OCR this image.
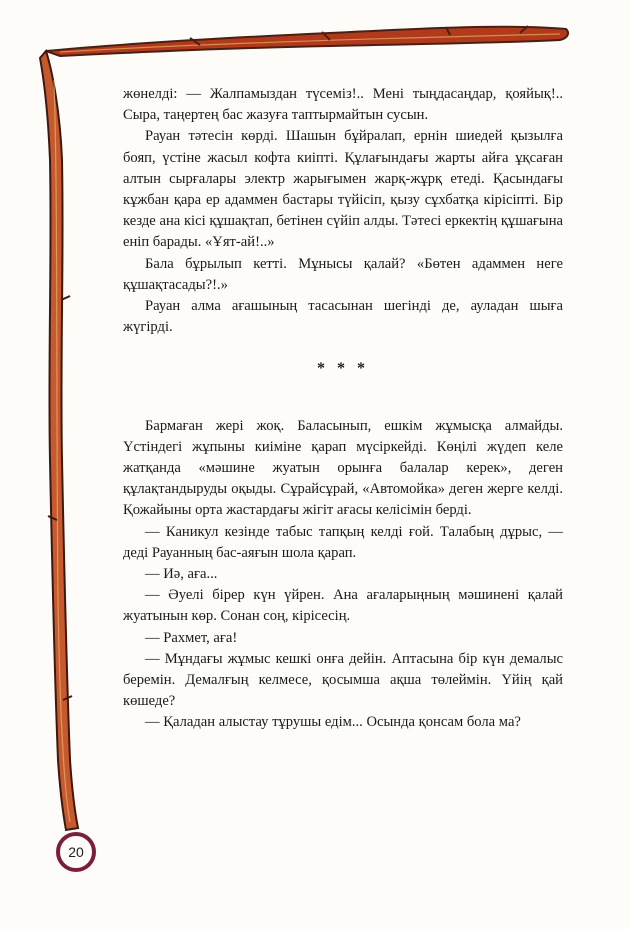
жөнелді: — Жалпамыздан түсеміз!.. Мені тыңдасаңдар, қояйық!.. Сыра, таңертең бас жазуға таптырмайтын сусын.

Рауан тәтесін көрді. Шашын бұйралап, ернін шиедей қызылға бояп, үстіне жасыл кофта киіпті. Құлағындағы жарты айға ұқсаған алтын сырғалары электр жарығымен жарқ-жұрқ етеді. Қасындағы кұжбан қара ер адаммен бастары түйісіп, қызу сұхбатқа кірісіпті. Бір кезде ана кісі құшақтап, бетінен сүйіп алды. Тәтесі еркектің құшағына еніп барады. «Ұят-ай!..»

Бала бұрылып кетті. Мұнысы қалай? «Бөтен адаммен неге құшақтасады?!.»

Рауан алма ағашының тасасынан шегінді де, ауладан шыға жүгірді.

* * *

Бармаған жері жоқ. Баласынып, ешкім жұмысқа алмайды. Үстіндегі жұпыны киіміне қарап мүсіркейді. Көңілі жүдеп келе жатқанда «мәшине жуатын орынға балалар керек», деген құлақтандыруды оқыды. Сұрайсұрай, «Автомойка» деген жерге келді. Қожайыны орта жастардағы жігіт ағасы келісімін берді.

— Каникул кезінде табыс тапқың келді ғой. Талабың дұрыс, — деді Рауанның бас-аяғын шола қарап.

— Иә, аға...

— Әуелі бірер күн үйрен. Ана ағаларыңның мәшинені қалай жуатынын көр. Сонан соң, кірісесің.

— Рахмет, аға!

— Мұндағы жұмыс кешкі онға дейін. Аптасына бір күн демалыс беремін. Демалғың келмесе, қосымша ақша төлеймін. Үйің қай көшеде?

— Қаладан алыстау тұрушы едім... Осында қонсам бола ма?

20
